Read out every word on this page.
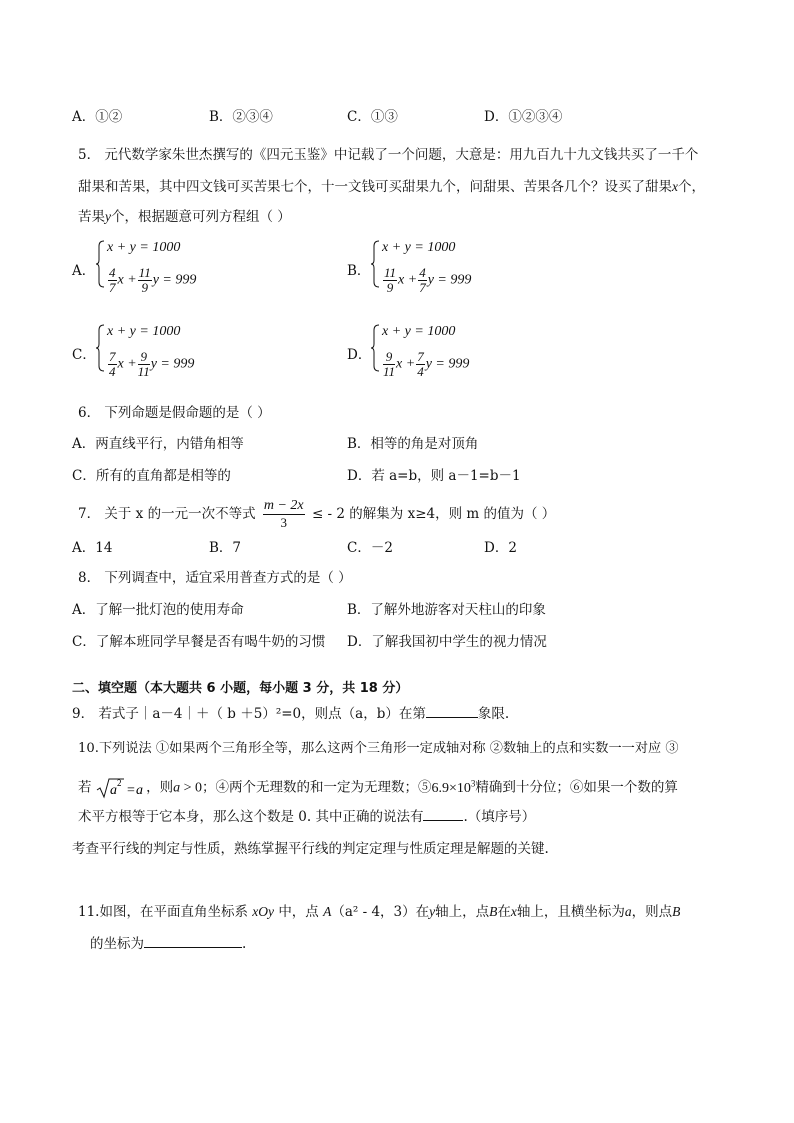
A．①②	B．②③④	C．①③	D．①②③④
5． 元代数学家朱世杰撰写的《四元玉鉴》中记载了一个问题，大意是：用九百九十九文钱共买了一千个
甜果和苦果，其中四文钱可买苦果七个，十一文钱可买甜果九个，问甜果、苦果各几个？设买了甜果x个，
苦果y个，根据题意可列方程组（ ）
A．
x + y = 1000
$\frac{4}{7}$ $x + \frac{11}{9}$ y = 999
B．
x + y = 1000
$\frac{11}{9}$ $x + \frac{4}{7}$ y = 999
C．
x + y = 1000
$\frac{7}{4}$ $x + \frac{9}{11}$ y = 999
D．
x + y = 1000
$\frac{9}{11}$ $x + \frac{7}{4}$ y = 999
6． 下列命题是假命题的是（ ）
A．两直线平行，内错角相等	B．相等的角是对顶角
C．所有的直角都是相等的	D．若 a=b，则 a－1=b－1
7． 关于 x 的一元一次不等式 $\frac{m - 2x}{3}$ ≤ - 2 的解集为 x≥4，则 m 的值为（ ）
A．14	B．7	C．－2	D．2
8． 下列调查中，适宜采用普查方式的是（ ）
A．了解一批灯泡的使用寿命	B．了解外地游客对天柱山的印象
C．了解本班同学早餐是否有喝牛奶的习惯 D．了解我国初中学生的视力情况
二、填空题（本大题共 6 小题，每小题 3 分，共 18 分）
9． 若式子｜a－4｜＋（ b ＋5）²=0，则点（a，b）在第	象限.
10.下列说法 ①如果两个三角形全等，那么这两个三角形一定成轴对称 ②数轴上的点和实数一一对应 ③
若 a 2 = a ，则a > 0；④两个无理数的和一定为无理数；$⑤6.9\times 10^3$精确到十分位；⑥如果一个数的算
术平方根等于它本身，那么这个数是 0. 其中正确的说法有	.（填序号）
考查平行线的判定与性质，熟练掌握平行线的判定定理与性质定理是解题的关键.
11.如图，在平面直角坐标系 xOy 中，点 A（a² - 4，3）在y轴上，点B在x轴上，且横坐标为a，则点B
的坐标为	.
